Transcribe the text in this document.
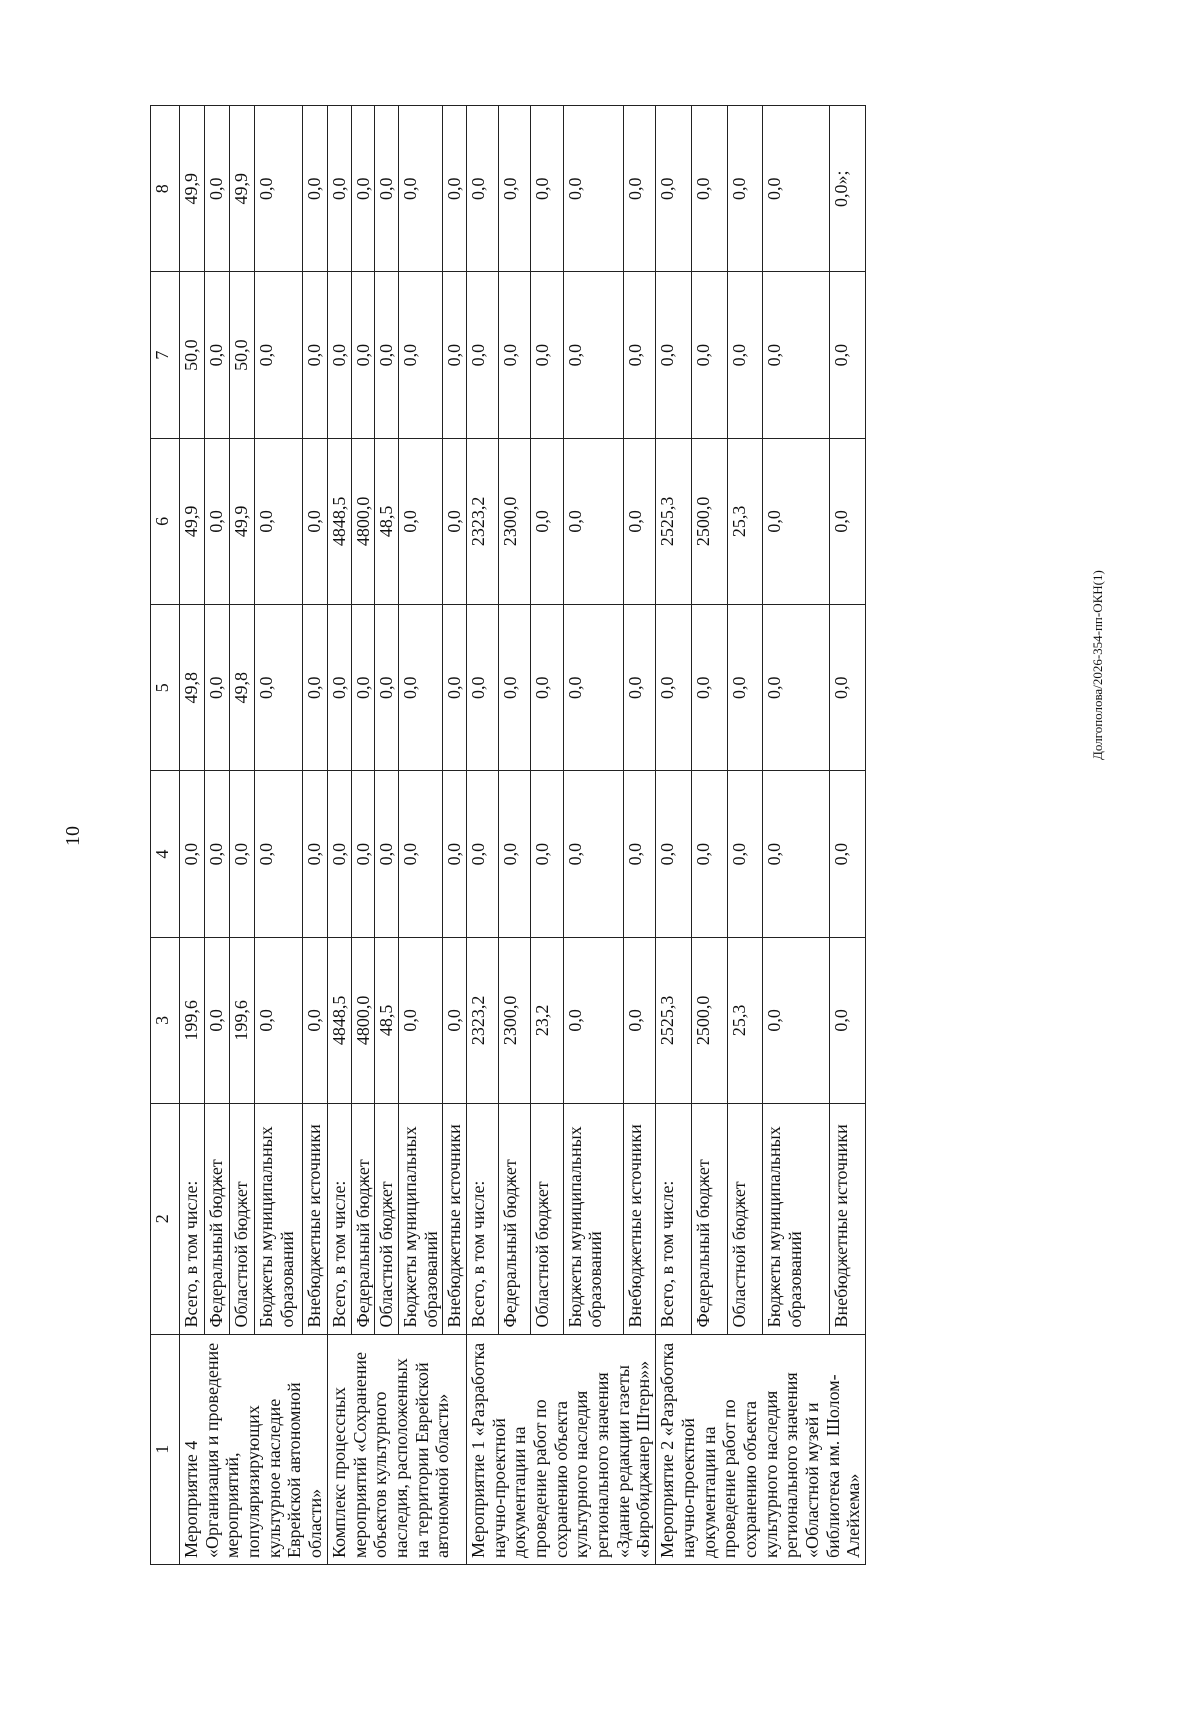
10
1	2	3	4	5	6	7	8
Мероприятие 4 «Организация и проведение мероприятий, популяризирующих культурное наследие Еврейской автономной области»	Всего, в том числе:	199,6	0,0	49,8	49,9	50,0	49,9
	Федеральный бюджет	0,0	0,0	0,0	0,0	0,0	0,0
	Областной бюджет	199,6	0,0	49,8	49,9	50,0	49,9
	Бюджеты муниципальных образований	0,0	0,0	0,0	0,0	0,0	0,0
	Внебюджетные источники	0,0	0,0	0,0	0,0	0,0	0,0
Комплекс процессных мероприятий «Сохранение объектов культурного наследия, расположенных на территории Еврейской автономной области»	Всего, в том числе:	4848,5	0,0	0,0	4848,5	0,0	0,0
	Федеральный бюджет	4800,0	0,0	0,0	4800,0	0,0	0,0
	Областной бюджет	48,5	0,0	0,0	48,5	0,0	0,0
	Бюджеты муниципальных образований	0,0	0,0	0,0	0,0	0,0	0,0
	Внебюджетные источники	0,0	0,0	0,0	0,0	0,0	0,0
Мероприятие 1 «Разработка научно-проектной документации на проведение работ по сохранению объекта культурного наследия регионального значения «Здание редакции газеты «Биробиджанер Штерн»»	Всего, в том числе:	2323,2	0,0	0,0	2323,2	0,0	0,0
	Федеральный бюджет	2300,0	0,0	0,0	2300,0	0,0	0,0
	Областной бюджет	23,2	0,0	0,0	0,0	0,0	0,0
	Бюджеты муниципальных образований	0,0	0,0	0,0	0,0	0,0	0,0
	Внебюджетные источники	0,0	0,0	0,0	0,0	0,0	0,0
Мероприятие 2 «Разработка научно-проектной документации на проведение работ по сохранению объекта культурного наследия регионального значения «Областной музей и библиотека им. Шолом-Алейхема»	Всего, в том числе:	2525,3	0,0	0,0	2525,3	0,0	0,0
	Федеральный бюджет	2500,0	0,0	0,0	2500,0	0,0	0,0
	Областной бюджет	25,3	0,0	0,0	25,3	0,0	0,0
	Бюджеты муниципальных образований	0,0	0,0	0,0	0,0	0,0	0,0
	Внебюджетные источники	0,0	0,0	0,0	0,0	0,0	0,0»;
Долгополова/2026-354-пп-ОКН(1)
